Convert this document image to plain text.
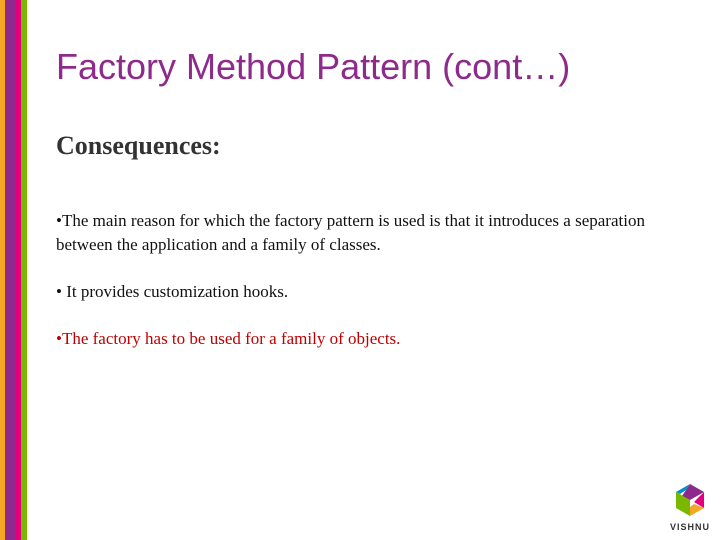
Factory Method Pattern (cont…)
Consequences:
•The main reason for which the factory pattern is used is that it introduces a separation between the application and a family of classes.
• It provides customization hooks.
•The factory has to be used for a family of objects.
VISHNU
